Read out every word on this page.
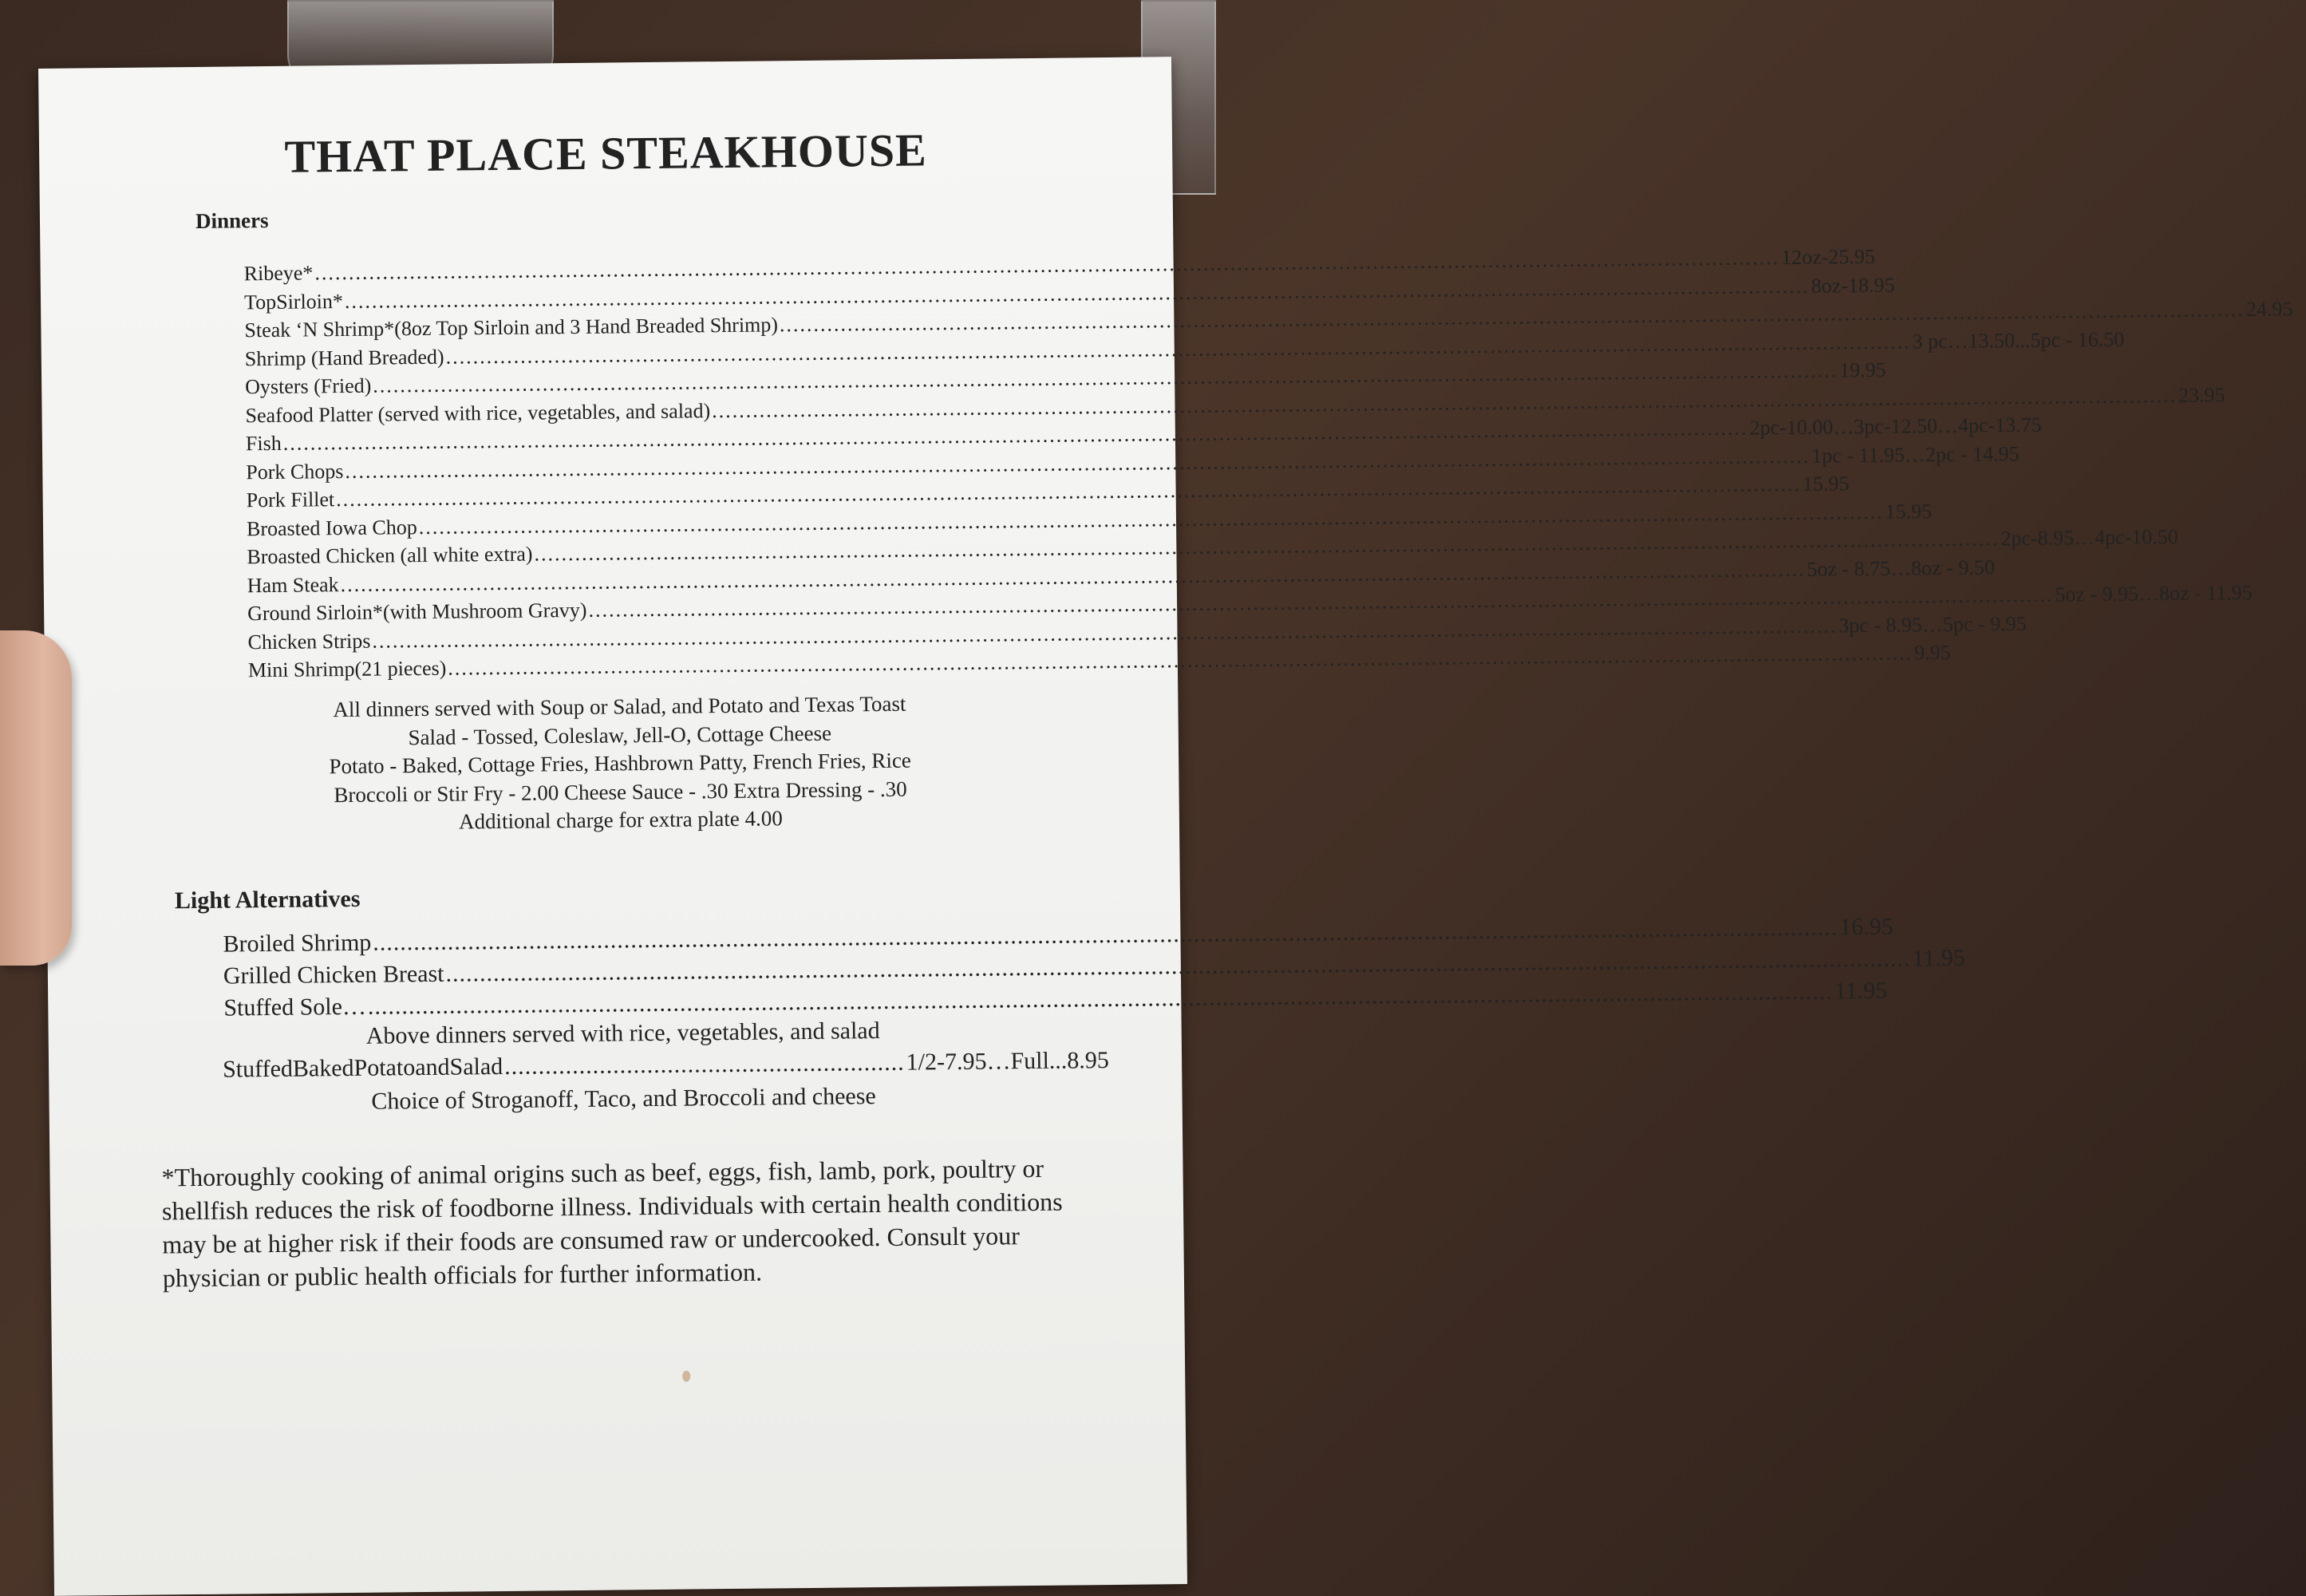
THAT PLACE STEAKHOUSE
Dinners
Ribeye*
.....
12oz-25.95
TopSirloin*
.....
8oz-18.95
Steak ‘N Shrimp*(8oz Top Sirloin and 3 Hand Breaded Shrimp)
.....
24.95
Shrimp (Hand Breaded)
.....
3 pc…13.50...5pc - 16.50
Oysters (Fried)
.....
19.95
Seafood Platter (served with rice, vegetables, and salad)
.....
23.95
Fish
.....
2pc-10.00…3pc-12.50…4pc-13.75
Pork Chops
.....
1pc - 11.95…2pc - 14.95
Pork Fillet
.....
15.95
Broasted Iowa Chop
.....
15.95
Broasted Chicken (all white extra)
.....
2pc-8.95…4pc-10.50
Ham Steak
.....
5oz - 8.75…8oz - 9.50
Ground Sirloin*(with Mushroom Gravy)
.....
5oz - 9.95…8oz - 11.95
Chicken Strips
.....
3pc - 8.95…5pc - 9.95
Mini Shrimp(21 pieces)
.....
9.95
All dinners served with Soup or Salad, and Potato and Texas Toast
Salad - Tossed, Coleslaw, Jell-O, Cottage Cheese
Potato - Baked, Cottage Fries, Hashbrown Patty, French Fries, Rice
Broccoli or Stir Fry - 2.00 Cheese Sauce - .30 Extra Dressing - .30
Additional charge for extra plate 4.00
Light Alternatives
Broiled Shrimp
.....
16.95
Grilled Chicken Breast
.....
11.95
Stuffed Sole…
.....
11.95
Above dinners served with rice, vegetables, and salad
StuffedBakedPotatoandSalad
.....	1/2-7.95…Full...8.95
Choice of Stroganoff, Taco, and Broccoli and cheese
*Thoroughly cooking of animal origins such as beef, eggs, fish, lamb, pork, poultry or shellfish reduces the risk of foodborne illness. Individuals with certain health conditions may be at higher risk if their foods are consumed raw or undercooked. Consult your physician or public health officials for further information.
